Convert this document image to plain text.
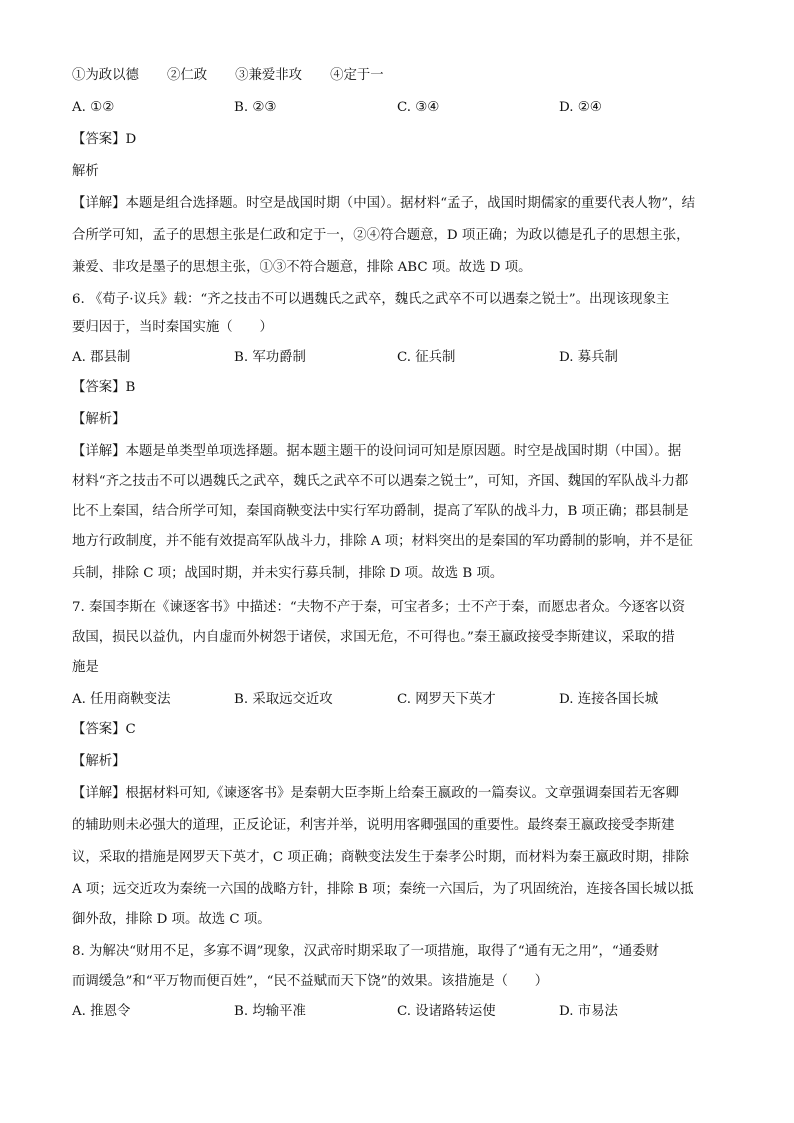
①为政以德 ②仁政 ③兼爱非攻 ④定于一
A. ①②	B. ②③	C. ③④	D. ②④
【答案】D
解析
【详解】本题是组合选择题。时空是战国时期（中国）。据材料“孟子，战国时期儒家的重要代表人物”，结
合所学可知，孟子的思想主张是仁政和定于一，②④符合题意，D 项正确；为政以德是孔子的思想主张，
兼爱、非攻是墨子的思想主张，①③不符合题意，排除 ABC 项。故选 D 项。
6. 《荀子·议兵》载：“齐之技击不可以遇魏氏之武卒，魏氏之武卒不可以遇秦之锐士”。出现该现象主
要归因于，当时秦国实施（　　）
A. 郡县制	B. 军功爵制	C. 征兵制	D. 募兵制
【答案】B
【解析】
【详解】本题是单类型单项选择题。据本题主题干的设问词可知是原因题。时空是战国时期（中国）。据
材料“齐之技击不可以遇魏氏之武卒，魏氏之武卒不可以遇秦之锐士”，可知，齐国、魏国的军队战斗力都
比不上秦国，结合所学可知，秦国商鞅变法中实行军功爵制，提高了军队的战斗力，B 项正确；郡县制是
地方行政制度，并不能有效提高军队战斗力，排除 A 项；材料突出的是秦国的军功爵制的影响，并不是征
兵制，排除 C 项；战国时期，并未实行募兵制，排除 D 项。故选 B 项。
7. 秦国李斯在《谏逐客书》中描述：“夫物不产于秦，可宝者多；士不产于秦，而愿忠者众。今逐客以资
敌国，损民以益仇，内自虚而外树怨于诸侯，求国无危，不可得也。”秦王嬴政接受李斯建议，采取的措
施是
A. 任用商鞅变法	B. 采取远交近攻	C. 网罗天下英才	D. 连接各国长城
【答案】C
【解析】
【详解】根据材料可知,《谏逐客书》是秦朝大臣李斯上给秦王嬴政的一篇奏议。文章强调秦国若无客卿
的辅助则未必强大的道理，正反论证，利害并举，说明用客卿强国的重要性。最终秦王嬴政接受李斯建
议，采取的措施是网罗天下英才，C 项正确；商鞅变法发生于秦孝公时期，而材料为秦王嬴政时期，排除
A 项；远交近攻为秦统一六国的战略方针，排除 B 项；秦统一六国后，为了巩固统治，连接各国长城以抵
御外敌，排除 D 项。故选 C 项。
8. 为解决“财用不足，多寡不调”现象，汉武帝时期采取了一项措施，取得了“通有无之用”，“通委财
而调缓急”和“平万物而便百姓”，“民不益赋而天下饶”的效果。该措施是（　　）
A. 推恩令	B. 均输平准	C. 设诸路转运使	D. 市易法
